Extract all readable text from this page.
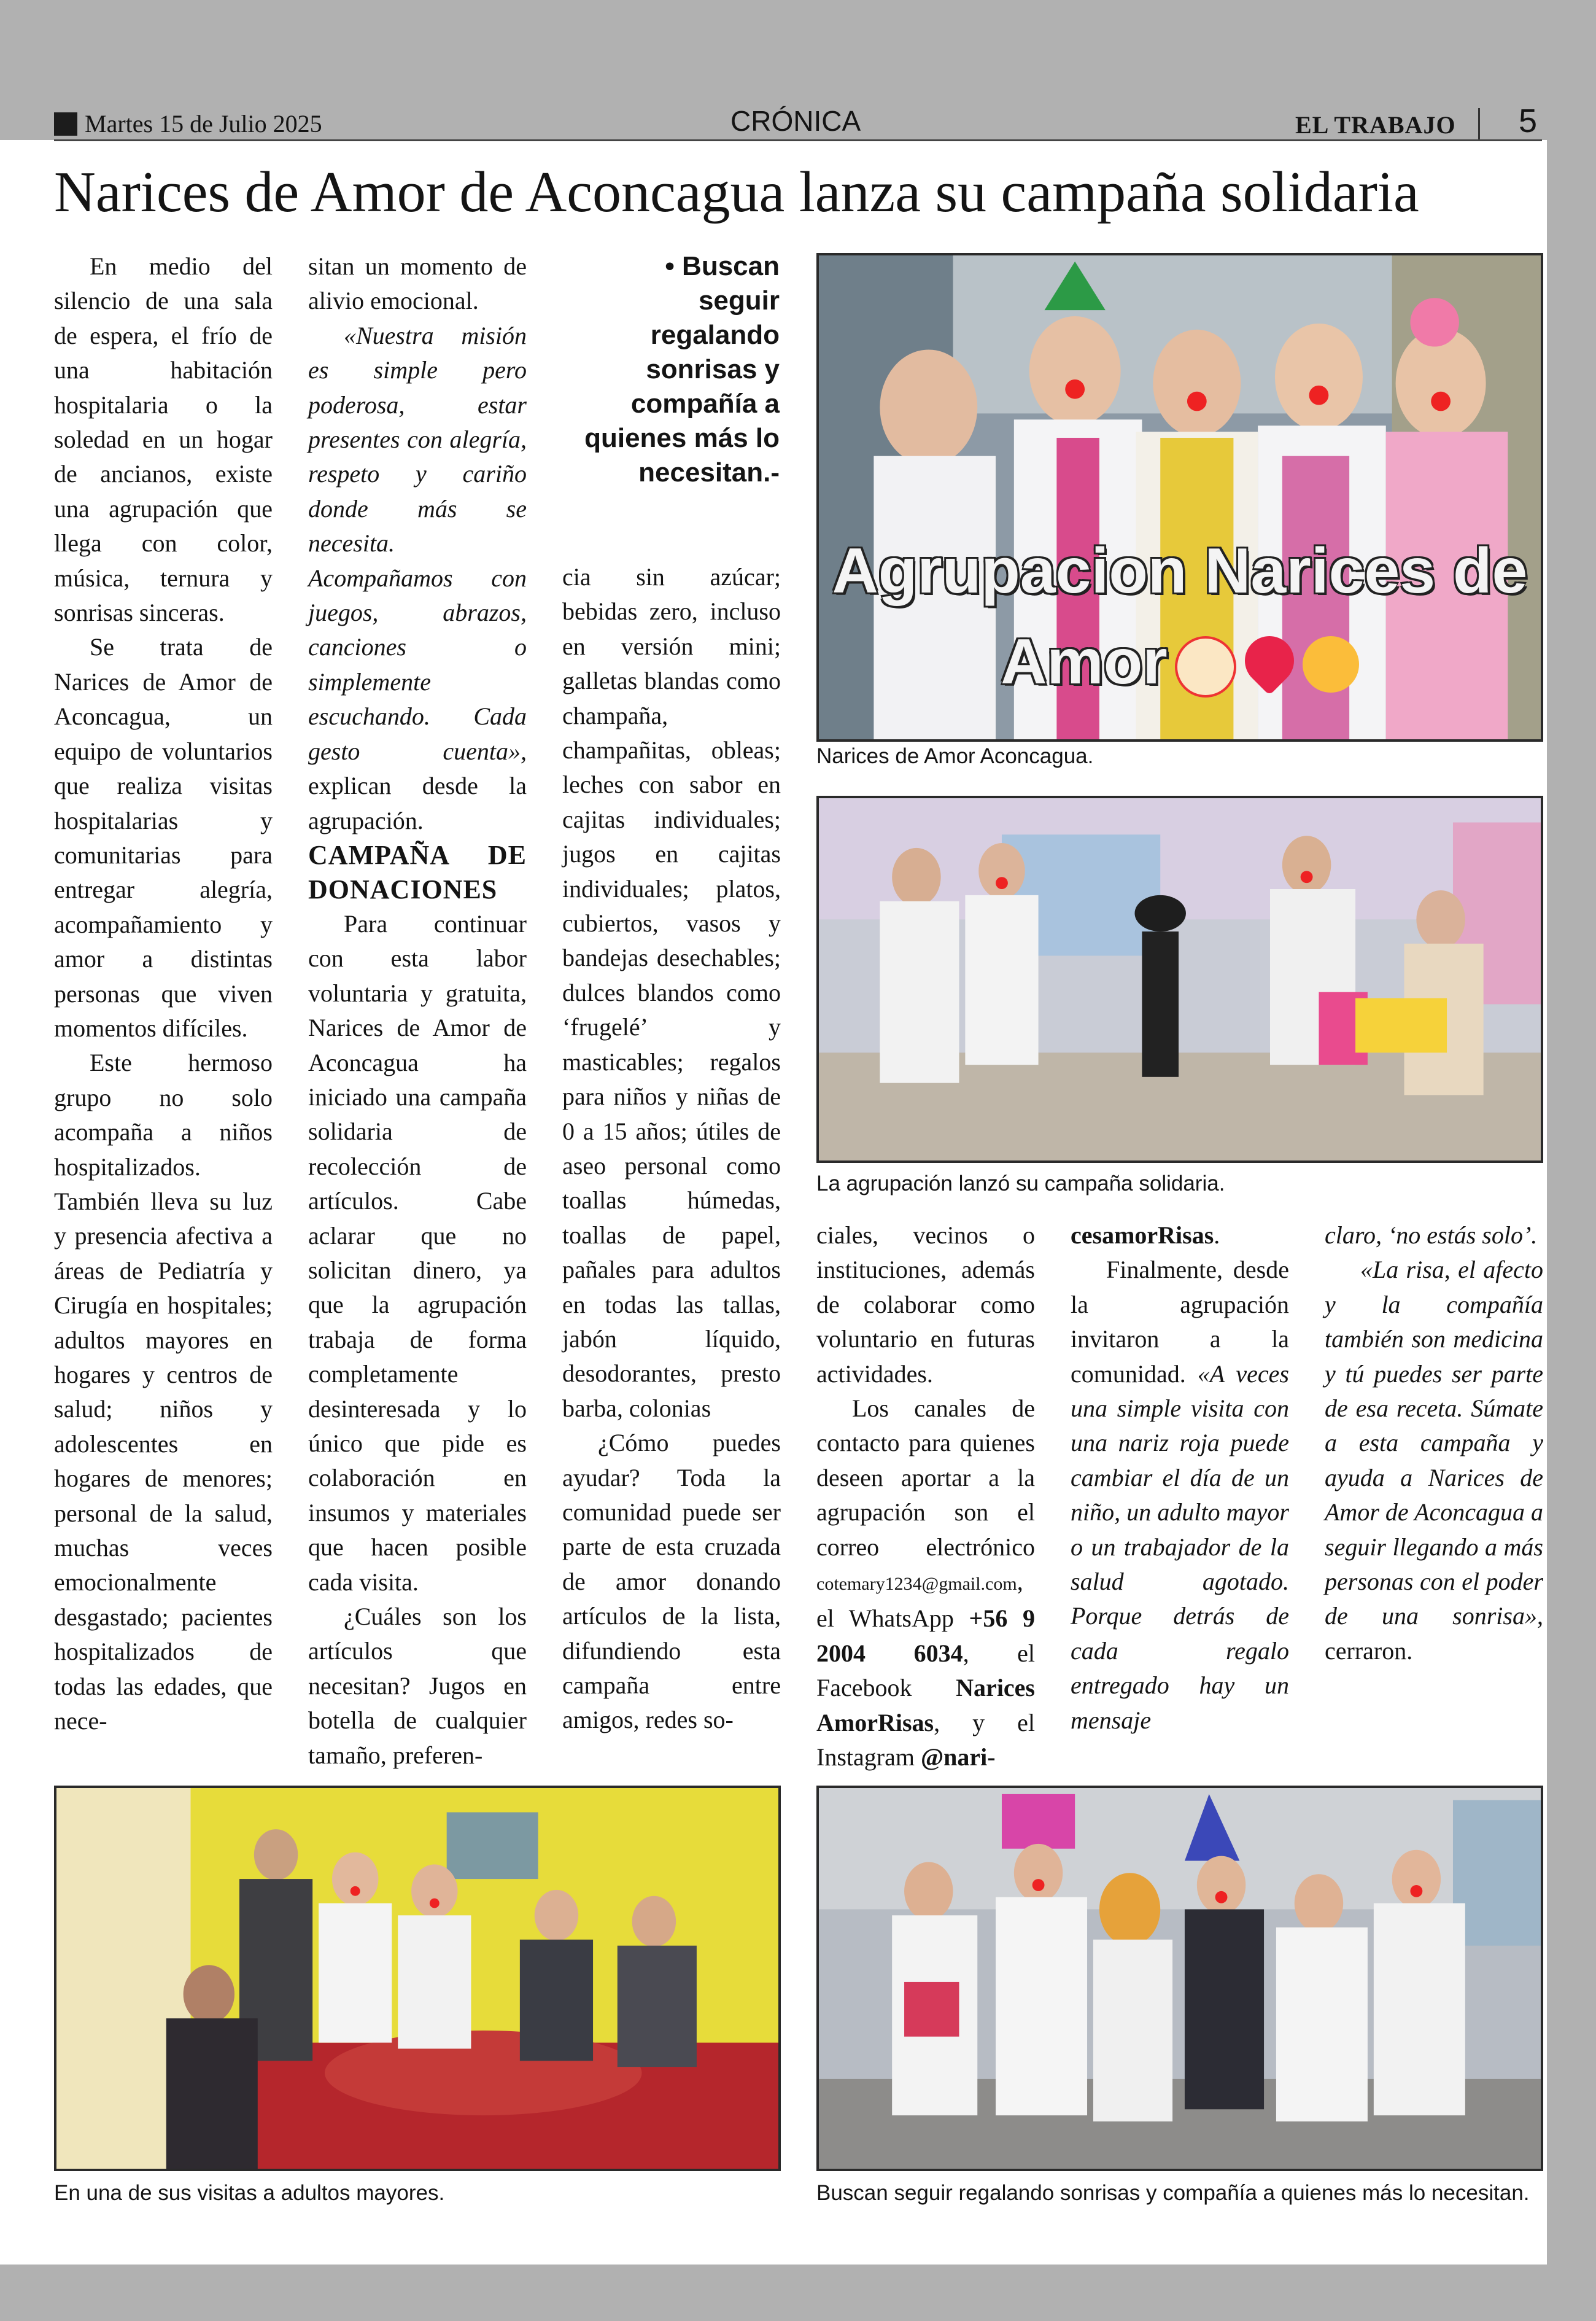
Martes 15 de Julio 2025	CRÓNICA	EL TRABAJO 5
Narices de Amor de Aconcagua lanza su campaña solidaria

En medio del silencio de una sala de espera, el frío de una habitación hospitalaria o la soledad en un hogar de ancianos, existe una agrupación que llega con color, música, ternura y sonrisas sinceras.

Se trata de Narices de Amor de Aconcagua, un equipo de voluntarios que realiza visitas hospitalarias y comunitarias para entregar alegría, acompañamiento y amor a distintas personas que viven momentos difíciles.

Este hermoso grupo no solo acompaña a niños hospitalizados. También lleva su luz y presencia afectiva a áreas de Pediatría y Cirugía en hospitales; adultos mayores en hogares y centros de salud; niños y adolescentes en hogares de menores; personal de la salud, muchas veces emocionalmente desgastado; pacientes hospitalizados de todas las edades, que nece-

sitan un momento de alivio emocional.

«Nuestra misión es simple pero poderosa, estar presentes con alegría, respeto y cariño donde más se necesita. Acompañamos con juegos, abrazos, canciones o simplemente escuchando. Cada gesto cuenta», explican desde la agrupación.

CAMPAÑA DE DONACIONES

Para continuar con esta labor voluntaria y gratuita, Narices de Amor de Aconcagua ha iniciado una campaña solidaria de recolección de artículos. Cabe aclarar que no solicitan dinero, ya que la agrupación trabaja de forma completamente desinteresada y lo único que pide es colaboración en insumos y materiales que hacen posible cada visita.

¿Cuáles son los artículos que necesitan? Jugos en botella de cualquier tamaño, preferen-

• Buscan seguir regalando sonrisas y compañía a quienes más lo necesitan.-

cia sin azúcar; bebidas zero, incluso en versión mini; galletas blandas como champaña, champañitas, obleas; leches con sabor en cajitas individuales; jugos en cajitas individuales; platos, cubiertos, vasos y bandejas desechables; dulces blandos como ‘frugelé’ y masticables; regalos para niños y niñas de 0 a 15 años; útiles de aseo personal como toallas húmedas, toallas de papel, pañales para adultos en todas las tallas, jabón líquido, desodorantes, presto barba, colonias

¿Cómo puedes ayudar? Toda la comunidad puede ser parte de esta cruzada de amor donando artículos de la lista, difundiendo esta campaña entre amigos, redes so-

ciales, vecinos o instituciones, además de colaborar como voluntario en futuras actividades.

Los canales de contacto para quienes deseen aportar a la agrupación son el correo electrónico cotemary1234@gmail.com, el WhatsApp +56 9 2004 6034, el Facebook Narices AmorRisas, y el Instagram @nari-

cesamorRisas.

Finalmente, desde la agrupación invitaron a la comunidad. «A veces una simple visita con una nariz roja puede cambiar el día de un niño, un adulto mayor o un trabajador de la salud agotado. Porque detrás de cada regalo entregado hay un mensaje

claro, ‘no estás solo’.

«La risa, el afecto y la compañía también son medicina y tú puedes ser parte de esa receta. Súmate a esta campaña y ayuda a Narices de Amor de Aconcagua a seguir llegando a más personas con el poder de una sonrisa», cerraron.

Agrupacion Narices de
Amor
Narices de Amor Aconcagua.
La agrupación lanzó su campaña solidaria.
En una de sus visitas a adultos mayores.	Buscan seguir regalando sonrisas y compañía a quienes más lo necesitan.
